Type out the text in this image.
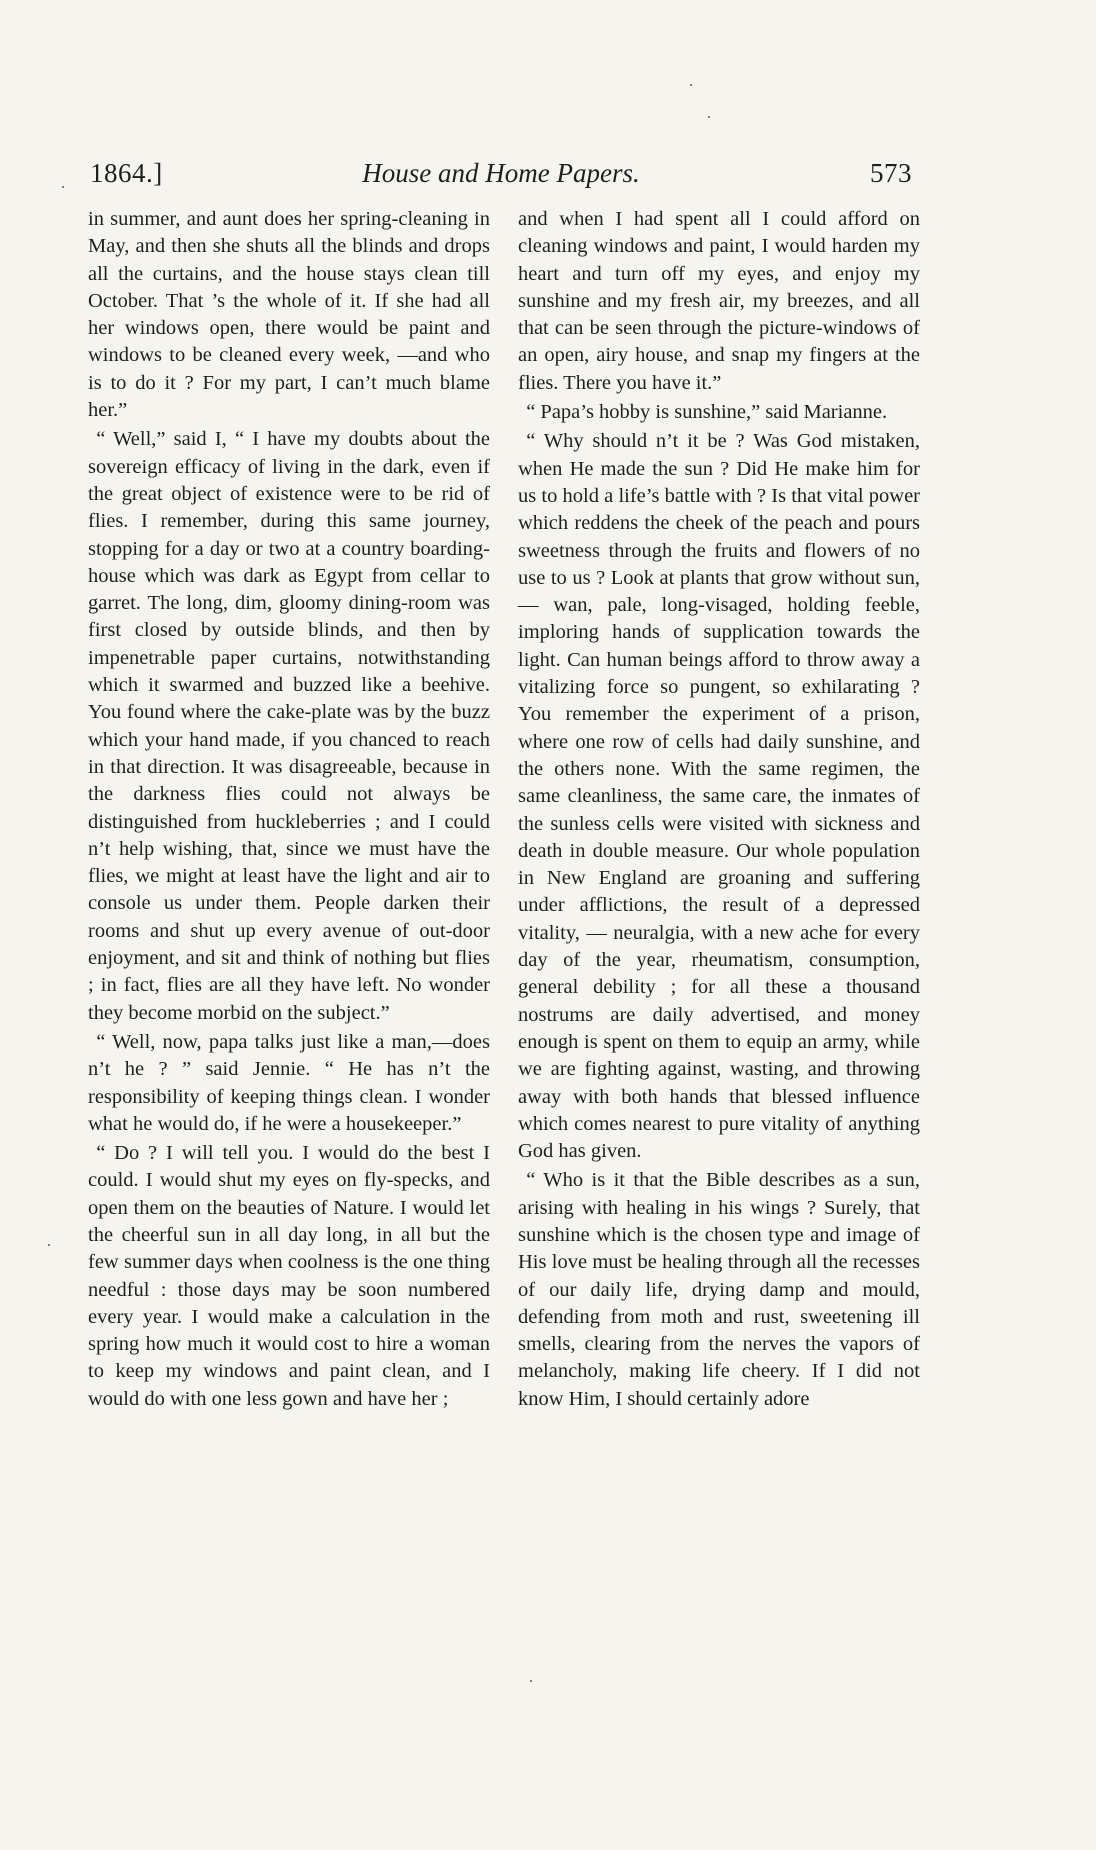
1864.]	House and Home Papers.	573

in summer, and aunt does her spring-cleaning in May, and then she shuts all the blinds and drops all the curtains, and the house stays clean till October. That ’s the whole of it. If she had all her windows open, there would be paint and windows to be cleaned every week, —and who is to do it ? For my part, I can’t much blame her.”

“ Well,” said I, “ I have my doubts about the sovereign efficacy of living in the dark, even if the great object of existence were to be rid of flies. I remember, during this same journey, stopping for a day or two at a country boarding-house which was dark as Egypt from cellar to garret. The long, dim, gloomy dining-room was first closed by outside blinds, and then by impenetrable paper curtains, notwithstanding which it swarmed and buzzed like a beehive. You found where the cake-plate was by the buzz which your hand made, if you chanced to reach in that direction. It was disagreeable, because in the darkness flies could not always be distinguished from huckleberries ; and I could n’t help wishing, that, since we must have the flies, we might at least have the light and air to console us under them. People darken their rooms and shut up every avenue of out-door enjoyment, and sit and think of nothing but flies ; in fact, flies are all they have left. No wonder they become morbid on the subject.”

“ Well, now, papa talks just like a man,—does n’t he ? ” said Jennie. “ He has n’t the responsibility of keeping things clean. I wonder what he would do, if he were a housekeeper.”

“ Do ? I will tell you. I would do the best I could. I would shut my eyes on fly-specks, and open them on the beauties of Nature. I would let the cheerful sun in all day long, in all but the few summer days when coolness is the one thing needful : those days may be soon numbered every year. I would make a calculation in the spring how much it would cost to hire a woman to keep my windows and paint clean, and I would do with one less gown and have her ;

and when I had spent all I could afford on cleaning windows and paint, I would harden my heart and turn off my eyes, and enjoy my sunshine and my fresh air, my breezes, and all that can be seen through the picture-windows of an open, airy house, and snap my fingers at the flies. There you have it.”

“ Papa’s hobby is sunshine,” said Marianne.

“ Why should n’t it be ? Was God mistaken, when He made the sun ? Did He make him for us to hold a life’s battle with ? Is that vital power which reddens the cheek of the peach and pours sweetness through the fruits and flowers of no use to us ? Look at plants that grow without sun, — wan, pale, long-visaged, holding feeble, imploring hands of supplication towards the light. Can human beings afford to throw away a vitalizing force so pungent, so exhilarating ? You remember the experiment of a prison, where one row of cells had daily sunshine, and the others none. With the same regimen, the same cleanliness, the same care, the inmates of the sunless cells were visited with sickness and death in double measure. Our whole population in New England are groaning and suffering under afflictions, the result of a depressed vitality, — neuralgia, with a new ache for every day of the year, rheumatism, consumption, general debility ; for all these a thousand nostrums are daily advertised, and money enough is spent on them to equip an army, while we are fighting against, wasting, and throwing away with both hands that blessed influence which comes nearest to pure vitality of anything God has given.

“ Who is it that the Bible describes as a sun, arising with healing in his wings ? Surely, that sunshine which is the chosen type and image of His love must be healing through all the recesses of our daily life, drying damp and mould, defending from moth and rust, sweetening ill smells, clearing from the nerves the vapors of melancholy, making life cheery. If I did not know Him, I should certainly adore
